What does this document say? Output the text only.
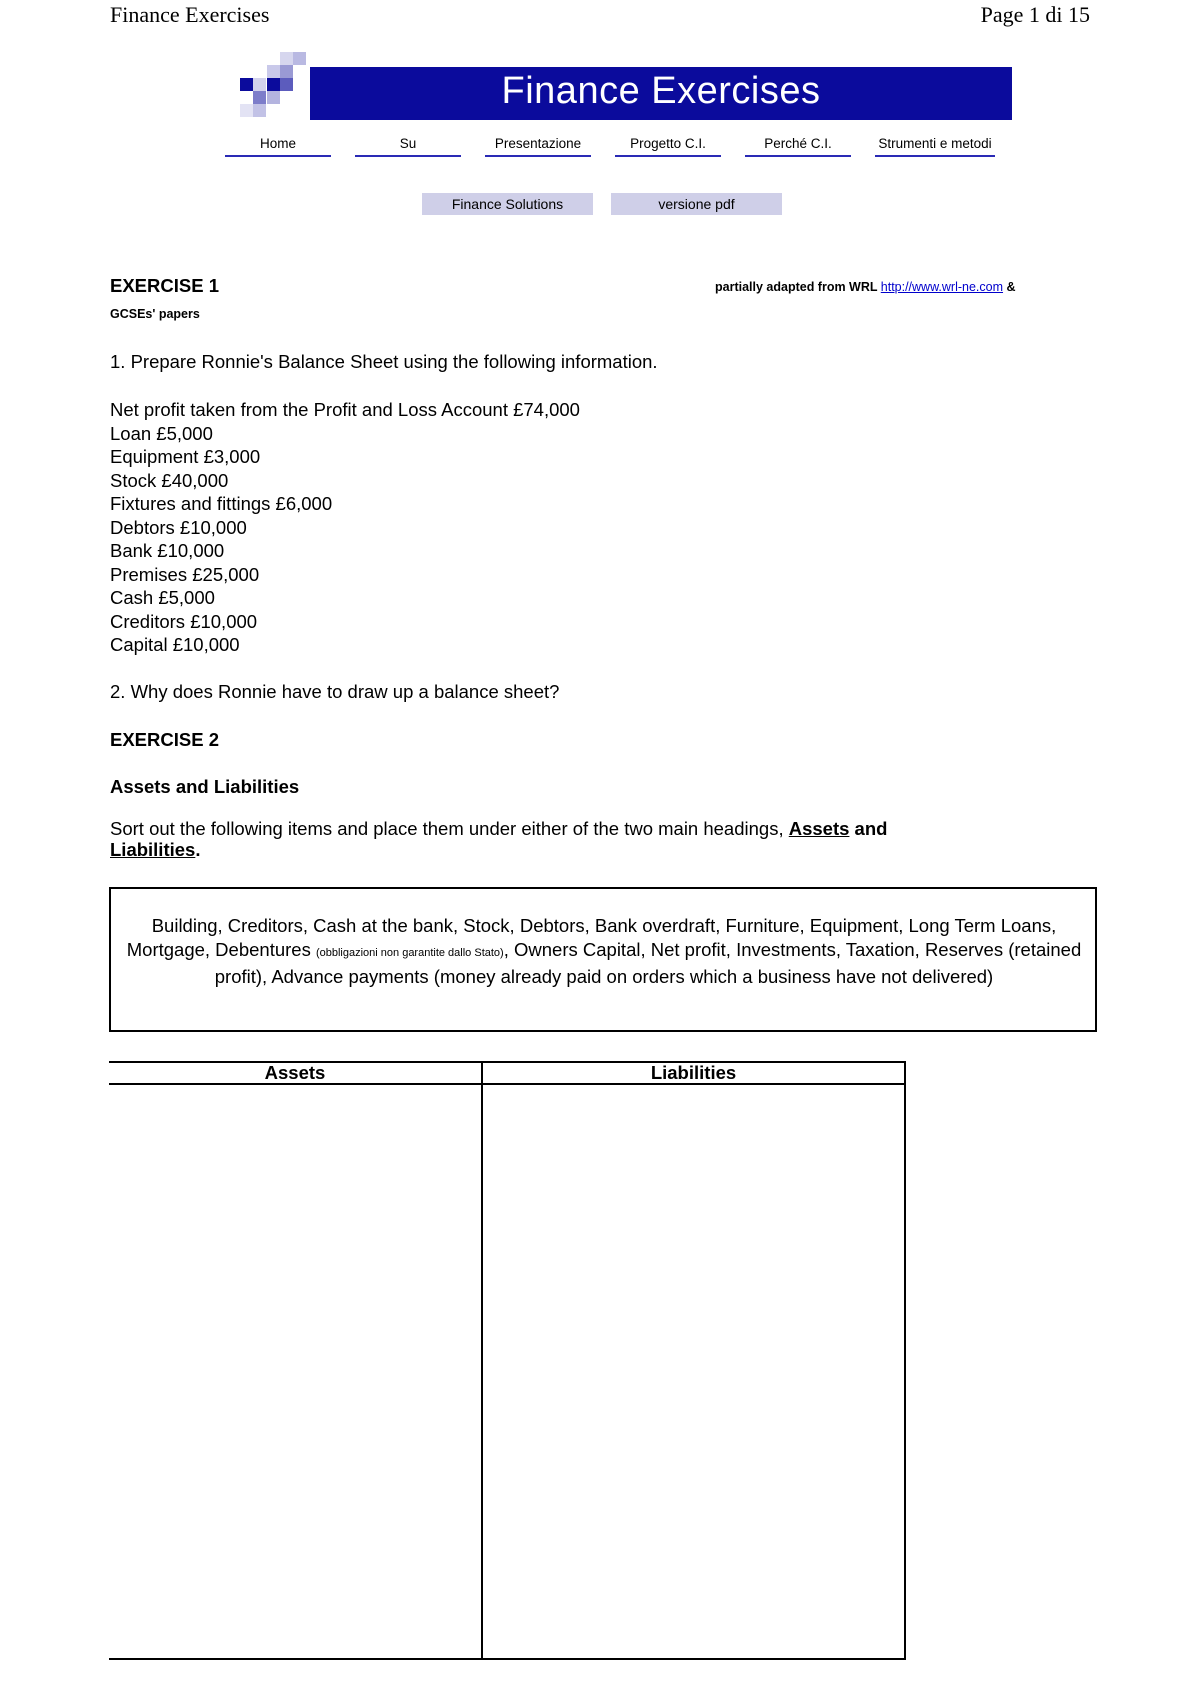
Finance Exercises	Page 1 di 15
Finance Exercises
Home	Su	Presentazione	Progetto C.I.	Perché C.I.	Strumenti e metodi
Finance Solutions	versione pdf
EXERCISE 1	partially adapted from WRL http://www.wrl-ne.com &
GCSEs' papers
1. Prepare Ronnie's Balance Sheet using the following information.
Net profit taken from the Profit and Loss Account £74,000
Loan £5,000
Equipment £3,000
Stock £40,000
Fixtures and fittings £6,000
Debtors £10,000
Bank £10,000
Premises £25,000
Cash £5,000
Creditors £10,000
Capital £10,000
2. Why does Ronnie have to draw up a balance sheet?
EXERCISE 2
Assets and Liabilities
Sort out the following items and place them under either of the two main headings, Assets and
Liabilities.
Building, Creditors, Cash at the bank, Stock, Debtors, Bank overdraft, Furniture, Equipment, Long Term Loans, Mortgage, Debentures (obbligazioni non garantite dallo Stato), Owners Capital, Net profit, Investments, Taxation, Reserves (retained profit), Advance payments (money already paid on orders which a business have not delivered)
Assets	Liabilities
